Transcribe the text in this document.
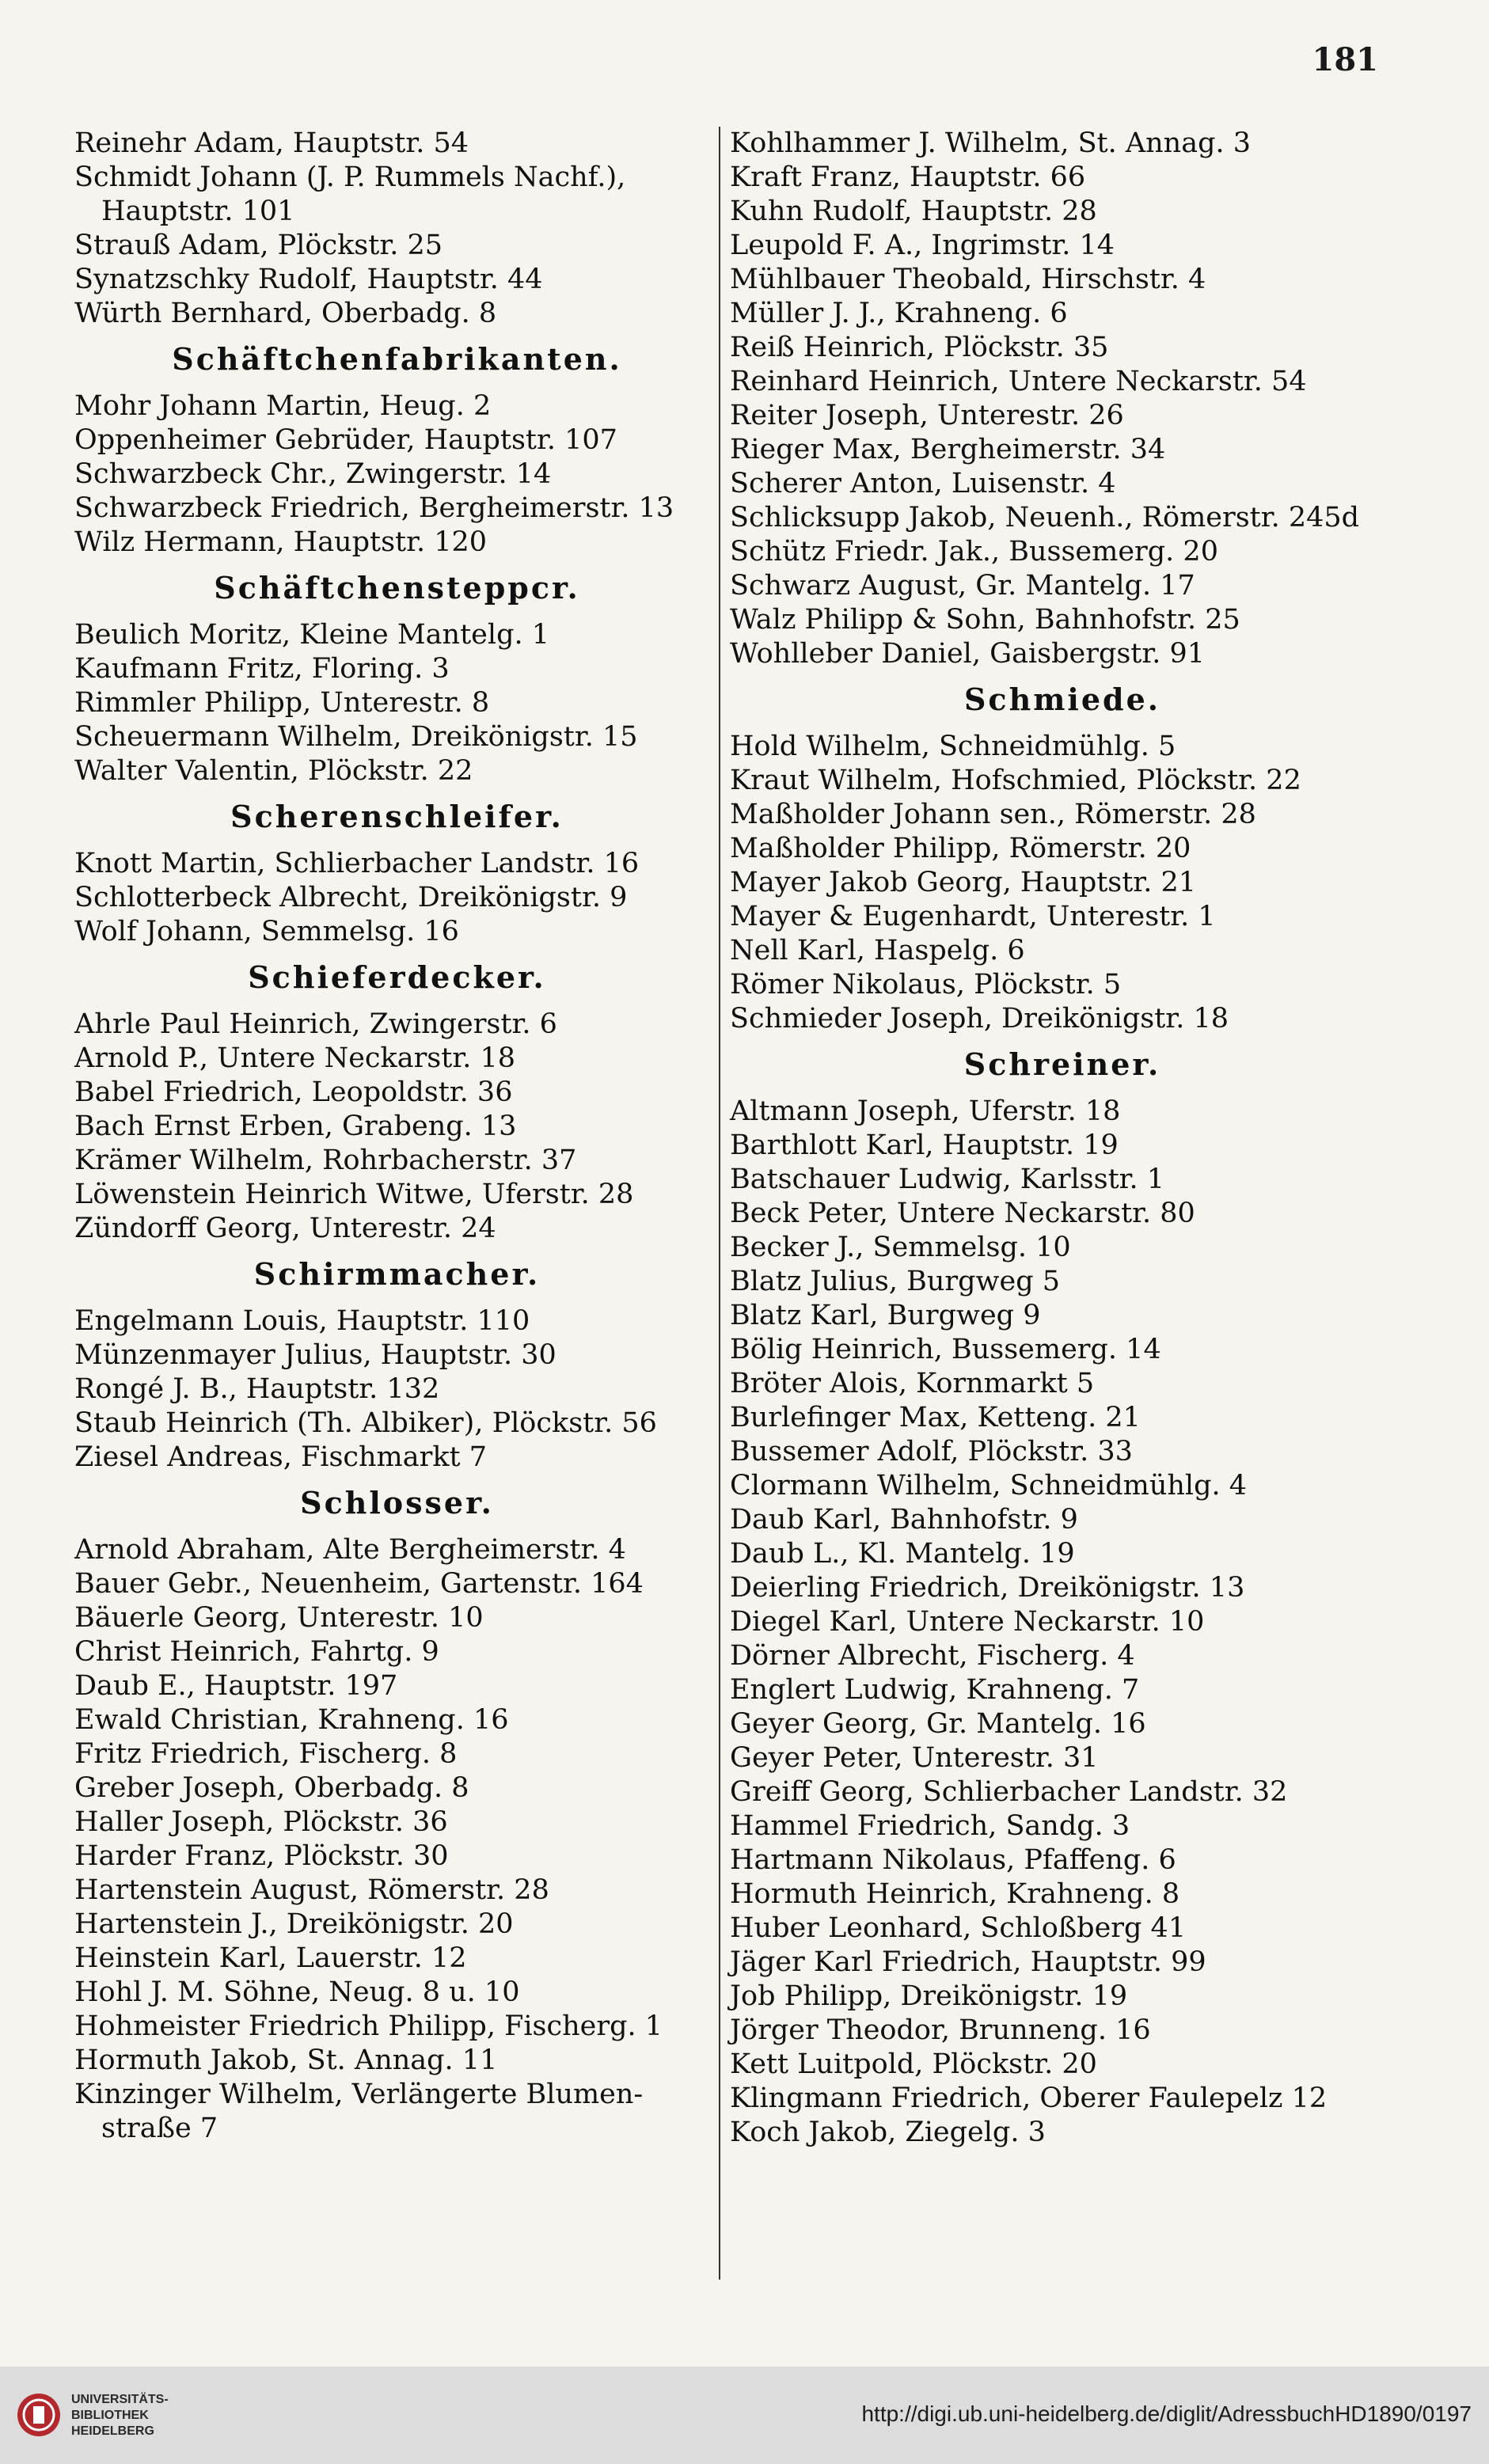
181
Reinehr Adam, Hauptstr. 54
Schmidt Johann (J. P. Rummels Nachf.),
Hauptstr. 101
Strauß Adam, Plöckstr. 25
Synatzschky Rudolf, Hauptstr. 44
Würth Bernhard, Oberbadg. 8
Schäftchenfabrikanten.
Mohr Johann Martin, Heug. 2
Oppenheimer Gebrüder, Hauptstr. 107
Schwarzbeck Chr., Zwingerstr. 14
Schwarzbeck Friedrich, Bergheimerstr. 13
Wilz Hermann, Hauptstr. 120
Schäftchensteppcr.
Beulich Moritz, Kleine Mantelg. 1
Kaufmann Fritz, Floring. 3
Rimmler Philipp, Unterestr. 8
Scheuermann Wilhelm, Dreikönigstr. 15
Walter Valentin, Plöckstr. 22
Scherenschleifer.
Knott Martin, Schlierbacher Landstr. 16
Schlotterbeck Albrecht, Dreikönigstr. 9
Wolf Johann, Semmelsg. 16
Schieferdecker.
Ahrle Paul Heinrich, Zwingerstr. 6
Arnold P., Untere Neckarstr. 18
Babel Friedrich, Leopoldstr. 36
Bach Ernst Erben, Grabeng. 13
Krämer Wilhelm, Rohrbacherstr. 37
Löwenstein Heinrich Witwe, Uferstr. 28
Zündorff Georg, Unterestr. 24
Schirmmacher.
Engelmann Louis, Hauptstr. 110
Münzenmayer Julius, Hauptstr. 30
Rongé J. B., Hauptstr. 132
Staub Heinrich (Th. Albiker), Plöckstr. 56
Ziesel Andreas, Fischmarkt 7
Schlosser.
Arnold Abraham, Alte Bergheimerstr. 4
Bauer Gebr., Neuenheim, Gartenstr. 164
Bäuerle Georg, Unterestr. 10
Christ Heinrich, Fahrtg. 9
Daub E., Hauptstr. 197
Ewald Christian, Krahneng. 16
Fritz Friedrich, Fischerg. 8
Greber Joseph, Oberbadg. 8
Haller Joseph, Plöckstr. 36
Harder Franz, Plöckstr. 30
Hartenstein August, Römerstr. 28
Hartenstein J., Dreikönigstr. 20
Heinstein Karl, Lauerstr. 12
Hohl J. M. Söhne, Neug. 8 u. 10
Hohmeister Friedrich Philipp, Fischerg. 1
Hormuth Jakob, St. Annag. 11
Kinzinger Wilhelm, Verlängerte Blumen-
straße 7
Kohlhammer J. Wilhelm, St. Annag. 3
Kraft Franz, Hauptstr. 66
Kuhn Rudolf, Hauptstr. 28
Leupold F. A., Ingrimstr. 14
Mühlbauer Theobald, Hirschstr. 4
Müller J. J., Krahneng. 6
Reiß Heinrich, Plöckstr. 35
Reinhard Heinrich, Untere Neckarstr. 54
Reiter Joseph, Unterestr. 26
Rieger Max, Bergheimerstr. 34
Scherer Anton, Luisenstr. 4
Schlicksupp Jakob, Neuenh., Römerstr. 245d
Schütz Friedr. Jak., Bussemerg. 20
Schwarz August, Gr. Mantelg. 17
Walz Philipp & Sohn, Bahnhofstr. 25
Wohlleber Daniel, Gaisbergstr. 91
Schmiede.
Hold Wilhelm, Schneidmühlg. 5
Kraut Wilhelm, Hofschmied, Plöckstr. 22
Maßholder Johann sen., Römerstr. 28
Maßholder Philipp, Römerstr. 20
Mayer Jakob Georg, Hauptstr. 21
Mayer & Eugenhardt, Unterestr. 1
Nell Karl, Haspelg. 6
Römer Nikolaus, Plöckstr. 5
Schmieder Joseph, Dreikönigstr. 18
Schreiner.
Altmann Joseph, Uferstr. 18
Barthlott Karl, Hauptstr. 19
Batschauer Ludwig, Karlsstr. 1
Beck Peter, Untere Neckarstr. 80
Becker J., Semmelsg. 10
Blatz Julius, Burgweg 5
Blatz Karl, Burgweg 9
Bölig Heinrich, Bussemerg. 14
Bröter Alois, Kornmarkt 5
Burlefinger Max, Ketteng. 21
Bussemer Adolf, Plöckstr. 33
Clormann Wilhelm, Schneidmühlg. 4
Daub Karl, Bahnhofstr. 9
Daub L., Kl. Mantelg. 19
Deierling Friedrich, Dreikönigstr. 13
Diegel Karl, Untere Neckarstr. 10
Dörner Albrecht, Fischerg. 4
Englert Ludwig, Krahneng. 7
Geyer Georg, Gr. Mantelg. 16
Geyer Peter, Unterestr. 31
Greiff Georg, Schlierbacher Landstr. 32
Hammel Friedrich, Sandg. 3
Hartmann Nikolaus, Pfaffeng. 6
Hormuth Heinrich, Krahneng. 8
Huber Leonhard, Schloßberg 41
Jäger Karl Friedrich, Hauptstr. 99
Job Philipp, Dreikönigstr. 19
Jörger Theodor, Brunneng. 16
Kett Luitpold, Plöckstr. 20
Klingmann Friedrich, Oberer Faulepelz 12
Koch Jakob, Ziegelg. 3
UNIVERSITÄTS-
BIBLIOTHEK
HEIDELBERG
http://digi.ub.uni-heidelberg.de/diglit/AdressbuchHD1890/0197
